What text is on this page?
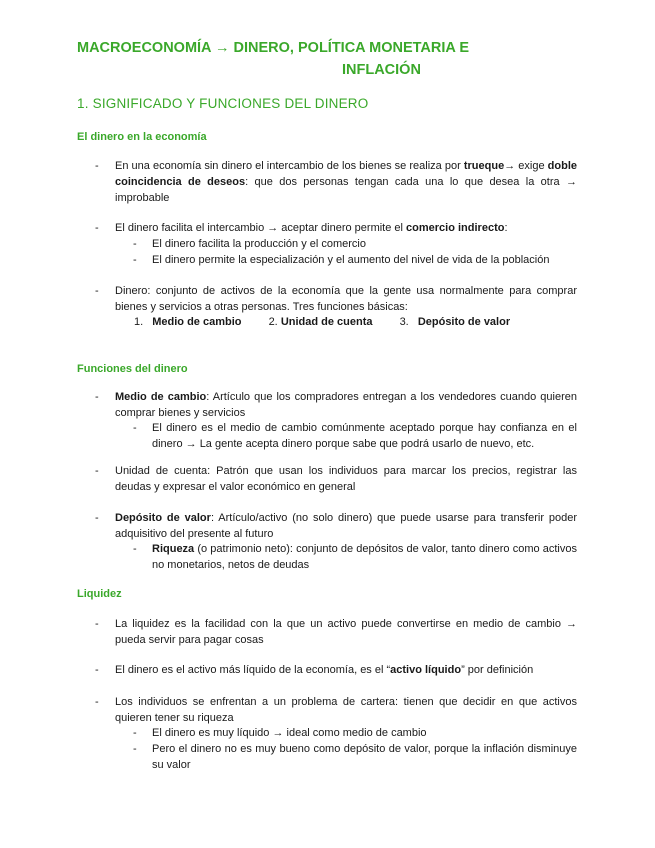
MACROECONOMÍA → DINERO, POLÍTICA MONETARIA E
INFLACIÓN
1. SIGNIFICADO Y FUNCIONES DEL DINERO
El dinero en la economía
- En una economía sin dinero el intercambio de los bienes se realiza por trueque→ exige doble coincidencia de deseos: que dos personas tengan cada una lo que desea la otra → improbable
- El dinero facilita el intercambio → aceptar dinero permite el comercio indirecto:
- El dinero facilita la producción y el comercio
- El dinero permite la especialización y el aumento del nivel de vida de la población
- Dinero: conjunto de activos de la economía que la gente usa normalmente para comprar bienes y servicios a otras personas. Tres funciones básicas:
1. Medio de cambio 2. Unidad de cuenta 3. Depósito de valor
Funciones del dinero
- Medio de cambio: Artículo que los compradores entregan a los vendedores cuando quieren comprar bienes y servicios
- El dinero es el medio de cambio comúnmente aceptado porque hay confianza en el dinero → La gente acepta dinero porque sabe que podrá usarlo de nuevo, etc.
- Unidad de cuenta: Patrón que usan los individuos para marcar los precios, registrar las deudas y expresar el valor económico en general
- Depósito de valor: Artículo/activo (no solo dinero) que puede usarse para transferir poder adquisitivo del presente al futuro
- Riqueza (o patrimonio neto): conjunto de depósitos de valor, tanto dinero como activos no monetarios, netos de deudas
Liquidez
- La liquidez es la facilidad con la que un activo puede convertirse en medio de cambio → pueda servir para pagar cosas
- El dinero es el activo más líquido de la economía, es el “activo líquido” por definición
- Los individuos se enfrentan a un problema de cartera: tienen que decidir en que activos quieren tener su riqueza
- El dinero es muy líquido → ideal como medio de cambio
- Pero el dinero no es muy bueno como depósito de valor, porque la inflación disminuye su valor
